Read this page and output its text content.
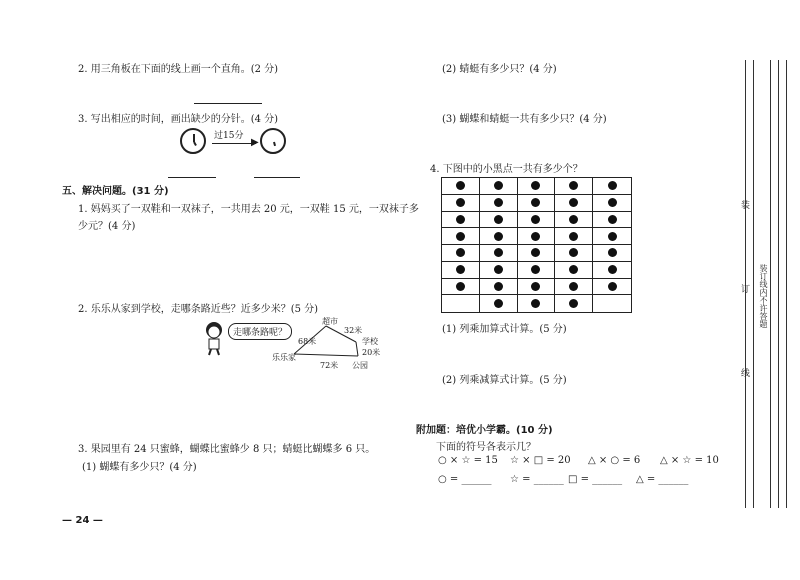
2. 用三角板在下面的线上画一个直角。(2 分)
3. 写出相应的时间，画出缺少的分针。(4 分)
过15分
▶
五、解决问题。(31 分)
1. 妈妈买了一双鞋和一双袜子，一共用去 20 元，一双鞋 15 元，一双袜子多
少元？(4 分)
2. 乐乐从家到学校，走哪条路近些？近多少米？(5 分)
走哪条路呢？
超市
32米
68米	学校
20米
乐乐家
72米 公园
3. 果园里有 24 只蜜蜂，蝴蝶比蜜蜂少 8 只；蜻蜓比蝴蝶多 6 只。
(1) 蝴蝶有多少只？(4 分)
— 24 —
(2) 蜻蜓有多少只？(4 分)
(3) 蝴蝶和蜻蜓一共有多少只？(4 分)
4. 下图中的小黑点一共有多少个？
(1) 列乘加算式计算。(5 分)
(2) 列乘减算式计算。(5 分)
附加题：培优小学霸。(10 分)
下面的符号各表示几？
○ × ☆ = 15 ☆ × □ = 20 △ × ○ = 6 △ × ☆ = 10
○ = ______ ☆ = ______ □ = ______ △ = ______
装
订
线
装订线内不许答题
